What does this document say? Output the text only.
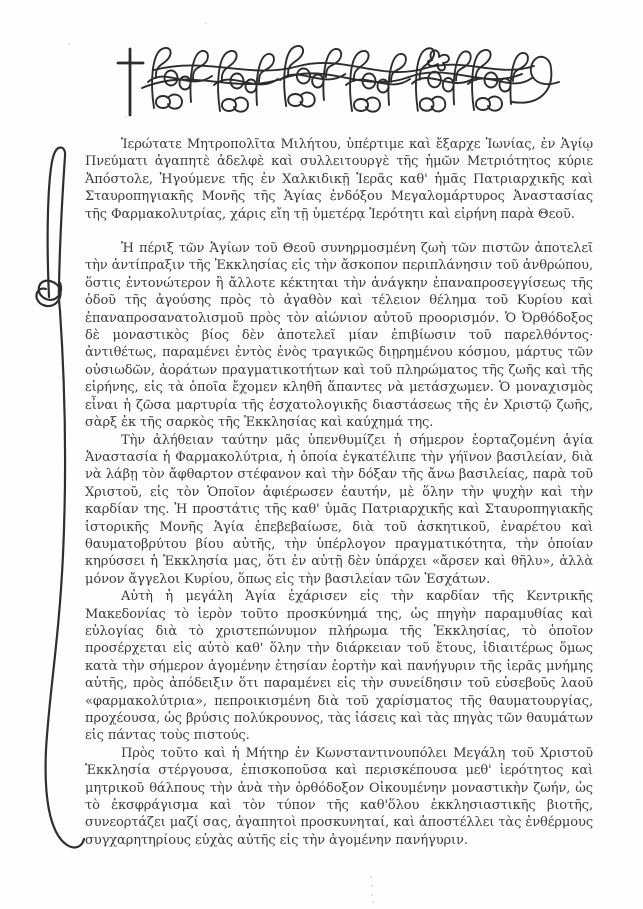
Ἱερώτατε Μητροπολῖτα Μιλήτου, ὑπέρτιμε καὶ ἔξαρχε Ἰωνίας, ἐν Ἁγίῳ Πνεύματι ἀγαπητὲ ἀδελφὲ καὶ συλλειτουργὲ τῆς ἡμῶν Μετριότητος κύριε Ἀπόστολε, Ἡγούμενε τῆς ἐν Χαλκιδικῇ Ἱερᾶς καθ' ἡμᾶς Πατριαρχικῆς καὶ Σταυροπηγιακῆς Μονῆς τῆς Ἁγίας ἐνδόξου Μεγαλομάρτυρος Ἀναστασίας τῆς Φαρμακολυτρίας, χάρις εἴη τῇ ὑμετέρᾳ Ἱερότητι καὶ εἰρήνη παρὰ Θεοῦ.

Ἡ πέριξ τῶν Ἁγίων τοῦ Θεοῦ συνηρμοσμένη ζωὴ τῶν πιστῶν ἀποτελεῖ τὴν ἀντίπραξιν τῆς Ἐκκλησίας εἰς τὴν ἄσκοπον περιπλάνησιν τοῦ ἀνθρώπου, ὅστις ἐντονώτερον ἢ ἄλλοτε κέκτηται τὴν ἀνάγκην ἐπαναπροσεγγίσεως τῆς ὁδοῦ τῆς ἀγούσης πρὸς τὸ ἀγαθὸν καὶ τέλειον θέλημα τοῦ Κυρίου καὶ ἐπαναπροσανατολισμοῦ πρὸς τὸν αἰώνιον αὐτοῦ προορισμόν. Ὁ Ὀρθόδοξος δὲ μοναστικὸς βίος δὲν ἀποτελεῖ μίαν ἐπιβίωσιν τοῦ παρελθόντος· ἀντιθέτως, παραμένει ἐντὸς ἑνὸς τραγικῶς διῃρημένου κόσμου, μάρτυς τῶν οὐσιωδῶν, ἀοράτων πραγματικοτήτων καὶ τοῦ πληρώματος τῆς ζωῆς καὶ τῆς εἰρήνης, εἰς τὰ ὁποῖα ἔχομεν κληθῆ ἅπαντες νὰ μετάσχωμεν. Ὁ μοναχισμὸς εἶναι ἡ ζῶσα μαρτυρία τῆς ἐσχατολογικῆς διαστάσεως τῆς ἐν Χριστῷ ζωῆς, σὰρξ ἐκ τῆς σαρκὸς τῆς Ἐκκλησίας καὶ καύχημά της.

Τὴν ἀλήθειαν ταύτην μᾶς ὑπενθυμίζει ἡ σήμερον ἑορταζομένη ἁγία Ἀναστασία ἡ Φαρμακολύτρια, ἡ ὁποία ἐγκατέλιπε τὴν γήϊνον βασιλείαν, διὰ νὰ λάβῃ τὸν ἄφθαρτον στέφανον καὶ τὴν δόξαν τῆς ἄνω βασιλείας, παρὰ τοῦ Χριστοῦ, εἰς τὸν Ὁποῖον ἀφιέρωσεν ἑαυτήν, μὲ ὅλην τὴν ψυχὴν καὶ τὴν καρδίαν της. Ἡ προστάτις τῆς καθ' ὑμᾶς Πατριαρχικῆς καὶ Σταυροπηγιακῆς ἱστορικῆς Μονῆς Ἁγία ἐπεβεβαίωσε, διὰ τοῦ ἀσκητικοῦ, ἐναρέτου καὶ θαυματοβρύτου βίου αὐτῆς, τὴν ὑπέρλογον πραγματικότητα, τὴν ὁποίαν κηρύσσει ἡ Ἐκκλησία μας, ὅτι ἐν αὐτῇ δὲν ὑπάρχει «ἄρσεν καὶ θῆλυ», ἀλλὰ μόνον ἄγγελοι Κυρίου, ὅπως εἰς τὴν βασιλείαν τῶν Ἐσχάτων.

Αὐτὴ ἡ μεγάλη Ἁγία ἐχάρισεν εἰς τὴν καρδίαν τῆς Κεντρικῆς Μακεδονίας τὸ ἱερὸν τοῦτο προσκύνημά της, ὡς πηγὴν παραμυθίας καὶ εὐλογίας διὰ τὸ χριστεπώνυμον πλήρωμα τῆς Ἐκκλησίας, τὸ ὁποῖον προσέρχεται εἰς αὐτὸ καθ' ὅλην τὴν διάρκειαν τοῦ ἔτους, ἰδιαιτέρως ὅμως κατὰ τὴν σήμερον ἀγομένην ἐτησίαν ἑορτὴν καὶ πανήγυριν τῆς ἱερᾶς μνήμης αὐτῆς, πρὸς ἀπόδειξιν ὅτι παραμένει εἰς τὴν συνείδησιν τοῦ εὐσεβοῦς λαοῦ «φαρμακολύτρια», πεπροικισμένη διὰ τοῦ χαρίσματος τῆς θαυματουργίας, προχέουσα, ὡς βρύσις πολύκρουνος, τὰς ἰάσεις καὶ τὰς πηγὰς τῶν θαυμάτων εἰς πάντας τοὺς πιστούς.

Πρὸς τοῦτο καὶ ἡ Μήτηρ ἐν Κωνσταντινουπόλει Μεγάλη τοῦ Χριστοῦ Ἐκκλησία στέργουσα, ἐπισκοποῦσα καὶ περισκέπουσα μεθ' ἱερότητος καὶ μητρικοῦ θάλπους τὴν ἀνὰ τὴν ὀρθόδοξον Οἰκουμένην μοναστικὴν ζωήν, ὡς τὸ ἐκσφράγισμα καὶ τὸν τύπον τῆς καθ'ὅλου ἐκκλησιαστικῆς βιοτῆς, συνεορτάζει μαζί σας, ἀγαπητοὶ προσκυνηταί, καὶ ἀποστέλλει τὰς ἐνθέρμους συγχαρητηρίους εὐχὰς αὐτῆς εἰς τὴν ἀγομένην πανήγυριν.
